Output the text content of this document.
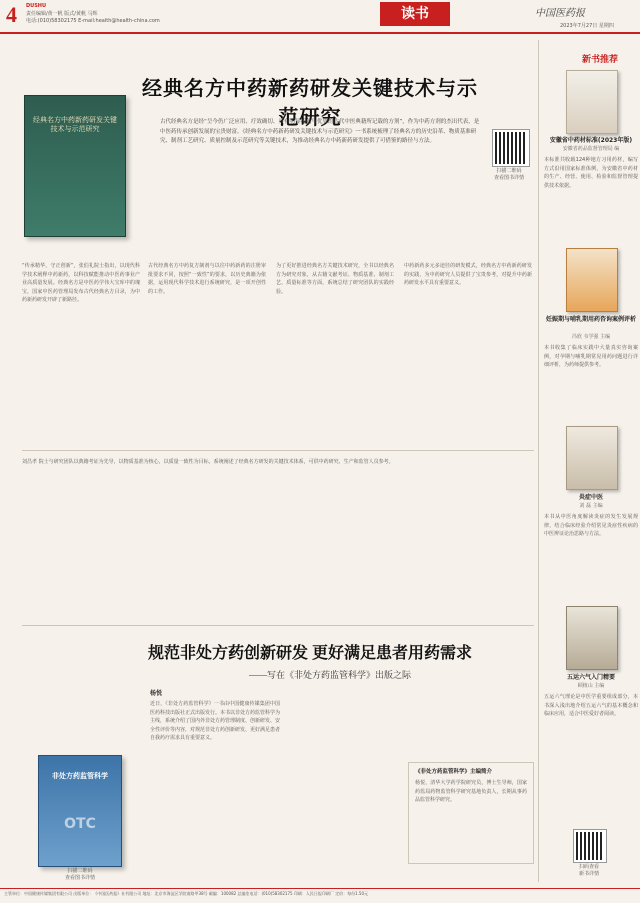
4 DUSHU
责任编辑/黄一帆 版式/黄帆 马辉
电话:(010)58302175 E-mail:health@health-china.com	读书	中国医药报
2023年7月27日 星期四
经典名方中药新药研发关键技术与示范研究
经典名方中药新药研发关键技术与示范研究
古代经典名方是经“呈今仍广泛应用、疗效确切、具有明显特色与优势的古代中医典籍所记载的方剂”，作为中药方剂的杰出代表，是中医药传承创新发展的宝贵财富。《经典名方中药新药研发关键技术与示范研究》一书系统梳理了经典名方的历史沿革、物质基准研究、制剂工艺研究、质量控制及示范研究等关键技术，为推动经典名方中药新药研发提供了可借鉴的路径与方法。
扫描二维码
查看图书详情
“传承精华，守正创新”，张伯礼院士指出，以现代科学技术阐释中药新药，以科技赋能推动中医药事业产业高质量发展。经典名方是中医药学伟大宝库中的瑰宝，国家中医药管理局发布古代经典名方目录，为中药新药研发开辟了新路径。
古代经典名方中药复方制剂与以往中药新药的注册审批要求不同，按照“一致性”的要求，以历史典籍为依据，运用现代科学技术进行系统研究，是一项开创性的工作。
为了更好推进经典名方关键技术研究，全书以经典名方为研究对象，从古籍文献考证、物质基准、制剂工艺、质量标准等方面，系统总结了研究团队的实践经验。
中药新药多元多途径的研发模式，经典名方中药新药研发的实践，为中药研究人员提供了宝贵参考，对提升中药新药研发水平具有重要意义。
刘昌孝 院士与研究团队以典籍考证为先导，以物质基准为核心，以质量一致性为目标，系统阐述了经典名方研发的关键技术体系，可供中药研究、生产和监管人员参考。
规范非处方药创新研发 更好满足患者用药需求
——写在《非处方药监管科学》出版之际
杨悦
非处方药监管科学
OTC
扫描二维码
查看图书详情
近日，《非处方药监管科学》一书由中国健康传媒集团中国医药科技出版社正式出版发行。本书以非处方药监管科学为主线，系统介绍了国内外非处方药管理制度、创新研发、安全性评价等内容，对规范非处方药创新研发、更好满足患者自我药疗需求具有重要意义。
《非处方药监管科学》主编简介
杨悦，清华大学药学院研究员，博士生导师，国家药监局药物监管科学研究基地负责人，长期从事药品监管科学研究。
新书推荐
安徽省中药材标准(2023年版)
安徽省药品监督管理局 编
本标准共收载124种地方习用药材，编写方式沿用国家标准体例，为安徽省中药材的生产、经营、使用、检验和监督管理提供技术依据。
妊娠期与哺乳期用药咨询案例评析
冯欣 韦学强 主编
本书收集了临床实践中大量真实咨询案例，对孕期与哺乳期常见用药问题进行详细评析，为药师提供参考。
炎症中医
刘 磊 主编
本书从中医角度解读炎症的发生发展规律，结合临床经验介绍常见炎症性疾病的中医辨证论治思路与方法。
五运六气入门精要
顾植山 主编
五运六气理论是中医学重要组成部分，本书深入浅出地介绍五运六气的基本概念和临床应用，适合中医爱好者阅读。
扫码查看
新书详情
主管单位：中国健康传媒集团有限公司 出版单位：《中国医药报》社有限公司 地址：北京市海淀区学院南路甲38号 邮编：100082 总编室电话：(010)58302175 印刷：人民日报印刷厂 定价：每份1.50元
